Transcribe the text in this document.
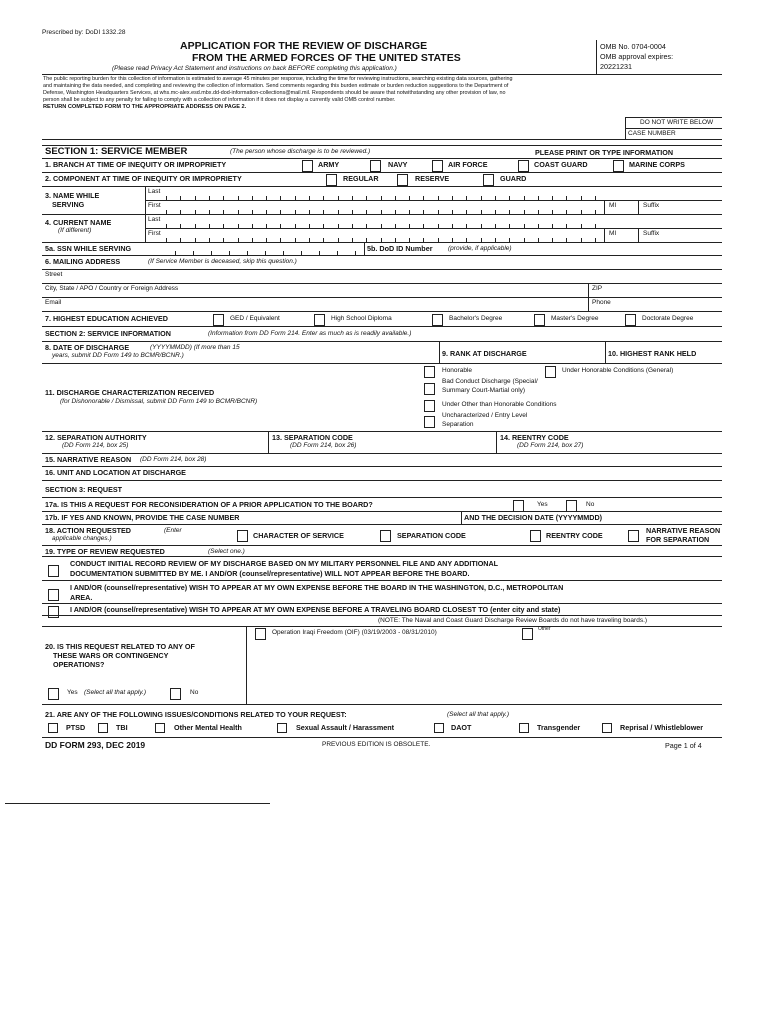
Prescribed by: DoDI 1332.28
APPLICATION FOR THE REVIEW OF DISCHARGE
FROM THE ARMED FORCES OF THE UNITED STATES
(Please read Privacy Act Statement and instructions on back BEFORE completing this application.)
OMB No. 0704-0004
OMB approval expires:
20221231
The public reporting burden for this collection of information is estimated to average 45 minutes per response, including the time for reviewing instructions, searching existing data sources, gathering
and maintaining the data needed, and completing and reviewing the collection of information. Send comments regarding this burden estimate or burden reduction suggestions to the Department of
Defense, Washington Headquarters Services, at whs.mc-alex.esd.mbx.dd-dod-information-collections@mail.mil. Respondents should be aware that notwithstanding any other provision of law, no
person shall be subject to any penalty for failing to comply with a collection of information if it does not display a currently valid OMB control number.
RETURN COMPLETED FORM TO THE APPROPRIATE ADDRESS ON PAGE 2.
DO NOT WRITE BELOW
CASE NUMBER
SECTION 1: SERVICE MEMBER	(The person whose discharge is to be reviewed.)	PLEASE PRINT OR TYPE INFORMATION
1. BRANCH AT TIME OF INEQUITY OR IMPROPRIETY	ARMY	NAVY	AIR FORCE	COAST GUARD	MARINE CORPS
2. COMPONENT AT TIME OF INEQUITY OR IMPROPRIETY	REGULAR	RESERVE	GUARD
3. NAME WHILE
SERVING
Last
First	MI	Suffix
4. CURRENT NAME
(If different)
Last
First	MI	Suffix
5a. SSN WHILE SERVING	5b. DoD ID Number (provide, if applicable)
6. MAILING ADDRESS	(If Service Member is deceased, skip this question.)
Street
City, State / APO / Country or Foreign Address	ZIP
Email	Phone
7. HIGHEST EDUCATION ACHIEVED	GED / Equivalent	High School Diploma	Bachelor's Degree	Master's Degree	Doctorate Degree
SECTION 2: SERVICE INFORMATION	(Information from DD Form 214. Enter as much as is readily available.)
8. DATE OF DISCHARGE	(YYYYMMDD) (If more than 15
years, submit DD Form 149 to BCMR/BCNR.)	9. RANK AT DISCHARGE	10. HIGHEST RANK HELD
11. DISCHARGE CHARACTERIZATION RECEIVED
(for Dishonorable / Dismissal, submit DD Form 149 to BCMR/BCNR)
Honorable	Under Honorable Conditions (General)
Bad Conduct Discharge (Special/
Summary Court-Martial only)
Under Other than Honorable Conditions
Uncharacterized / Entry Level
Separation
12. SEPARATION AUTHORITY
(DD Form 214, box 25)
13. SEPARATION CODE
(DD Form 214, box 26)
14. REENTRY CODE
(DD Form 214, box 27)
15. NARRATIVE REASON (DD Form 214, box 28)
16. UNIT AND LOCATION AT DISCHARGE
SECTION 3: REQUEST
17a. IS THIS A REQUEST FOR RECONSIDERATION OF A PRIOR APPLICATION TO THE BOARD?	Yes	No
17b. IF YES AND KNOWN, PROVIDE THE CASE NUMBER	AND THE DECISION DATE (YYYYMMDD)
18. ACTION REQUESTED	(Enter
applicable changes.)	CHARACTER OF SERVICE	SEPARATION CODE	REENTRY CODE
NARRATIVE REASON
FOR SEPARATION
19. TYPE OF REVIEW REQUESTED	(Select one.)
CONDUCT INITIAL RECORD REVIEW OF MY DISCHARGE BASED ON MY MILITARY PERSONNEL FILE AND ANY ADDITIONAL
DOCUMENTATION SUBMITTED BY ME. I AND/OR (counsel/representative) WILL NOT APPEAR BEFORE THE BOARD.
I AND/OR (counsel/representative) WISH TO APPEAR AT MY OWN EXPENSE BEFORE THE BOARD IN THE WASHINGTON, D.C., METROPOLITAN
AREA.
I AND/OR (counsel/representative) WISH TO APPEAR AT MY OWN EXPENSE BEFORE A TRAVELING BOARD CLOSEST TO (enter city and state)
(NOTE: The Naval and Coast Guard Discharge Review Boards do not have traveling boards.)
20. IS THIS REQUEST RELATED TO ANY OF
THESE WARS OR CONTINGENCY
OPERATIONS?
Operation Iraqi Freedom (OIF) (03/19/2003 - 08/31/2010)	Other
Yes (Select all that apply.)	No
21. ARE ANY OF THE FOLLOWING ISSUES/CONDITIONS RELATED TO YOUR REQUEST:	(Select all that apply.)
PTSD	TBI	Other Mental Health	Sexual Assault / Harassment	DAOT	Transgender	Reprisal / Whistleblower
DD FORM 293, DEC 2019	PREVIOUS EDITION IS OBSOLETE.	Page 1 of 4
